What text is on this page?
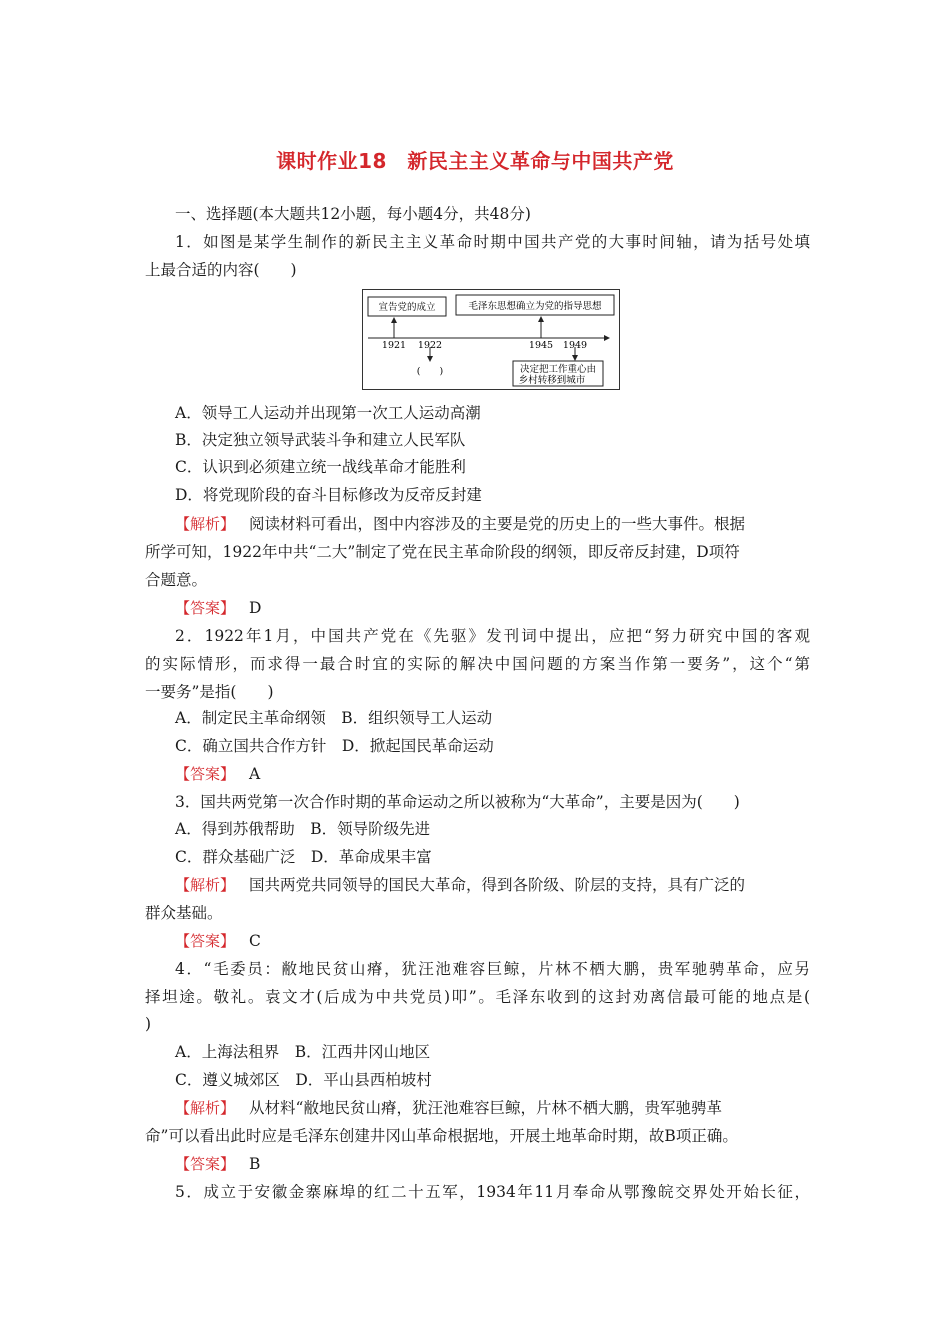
课时作业18　新民主主义革命与中国共产党
一、选择题(本大题共12小题，每小题4分，共48分)
1．如图是某学生制作的新民主主义革命时期中国共产党的大事时间轴，请为括号处填
上最合适的内容(　　)
宣告党的成立	毛泽东思想确立为党的指导思想
1921 1922	1945 1949
(　　)	决定把工作重心由
乡村转移到城市
A．领导工人运动并出现第一次工人运动高潮
B．决定独立领导武装斗争和建立人民军队
C．认识到必须建立统一战线革命才能胜利
D．将党现阶段的奋斗目标修改为反帝反封建
【解析】 阅读材料可看出，图中内容涉及的主要是党的历史上的一些大事件。根据
所学可知，1922年中共“二大”制定了党在民主革命阶段的纲领，即反帝反封建，D项符
合题意。
【答案】 D
2．1922年1月，中国共产党在《先驱》发刊词中提出，应把“努力研究中国的客观
的实际情形，而求得一最合时宜的实际的解决中国问题的方案当作第一要务”，这个“第
一要务”是指(　　)
A．制定民主革命纲领　B．组织领导工人运动
C．确立国共合作方针　D．掀起国民革命运动
【答案】 A
3．国共两党第一次合作时期的革命运动之所以被称为“大革命”，主要是因为(　　)
A．得到苏俄帮助　B．领导阶级先进
C．群众基础广泛　D．革命成果丰富
【解析】 国共两党共同领导的国民大革命，得到各阶级、阶层的支持，具有广泛的
群众基础。
【答案】 C
4．“毛委员：敝地民贫山瘠，犹汪池难容巨鲸，片林不栖大鹏，贵军驰骋革命，应另
择坦途。敬礼。袁文才(后成为中共党员)叩”。毛泽东收到的这封劝离信最可能的地点是(
)
A．上海法租界　B．江西井冈山地区
C．遵义城郊区　D．平山县西柏坡村
【解析】 从材料“敝地民贫山瘠，犹汪池难容巨鲸，片林不栖大鹏，贵军驰骋革
命”可以看出此时应是毛泽东创建井冈山革命根据地，开展土地革命时期，故B项正确。
【答案】 B
5．成立于安徽金寨麻埠的红二十五军，1934年11月奉命从鄂豫皖交界处开始长征，
